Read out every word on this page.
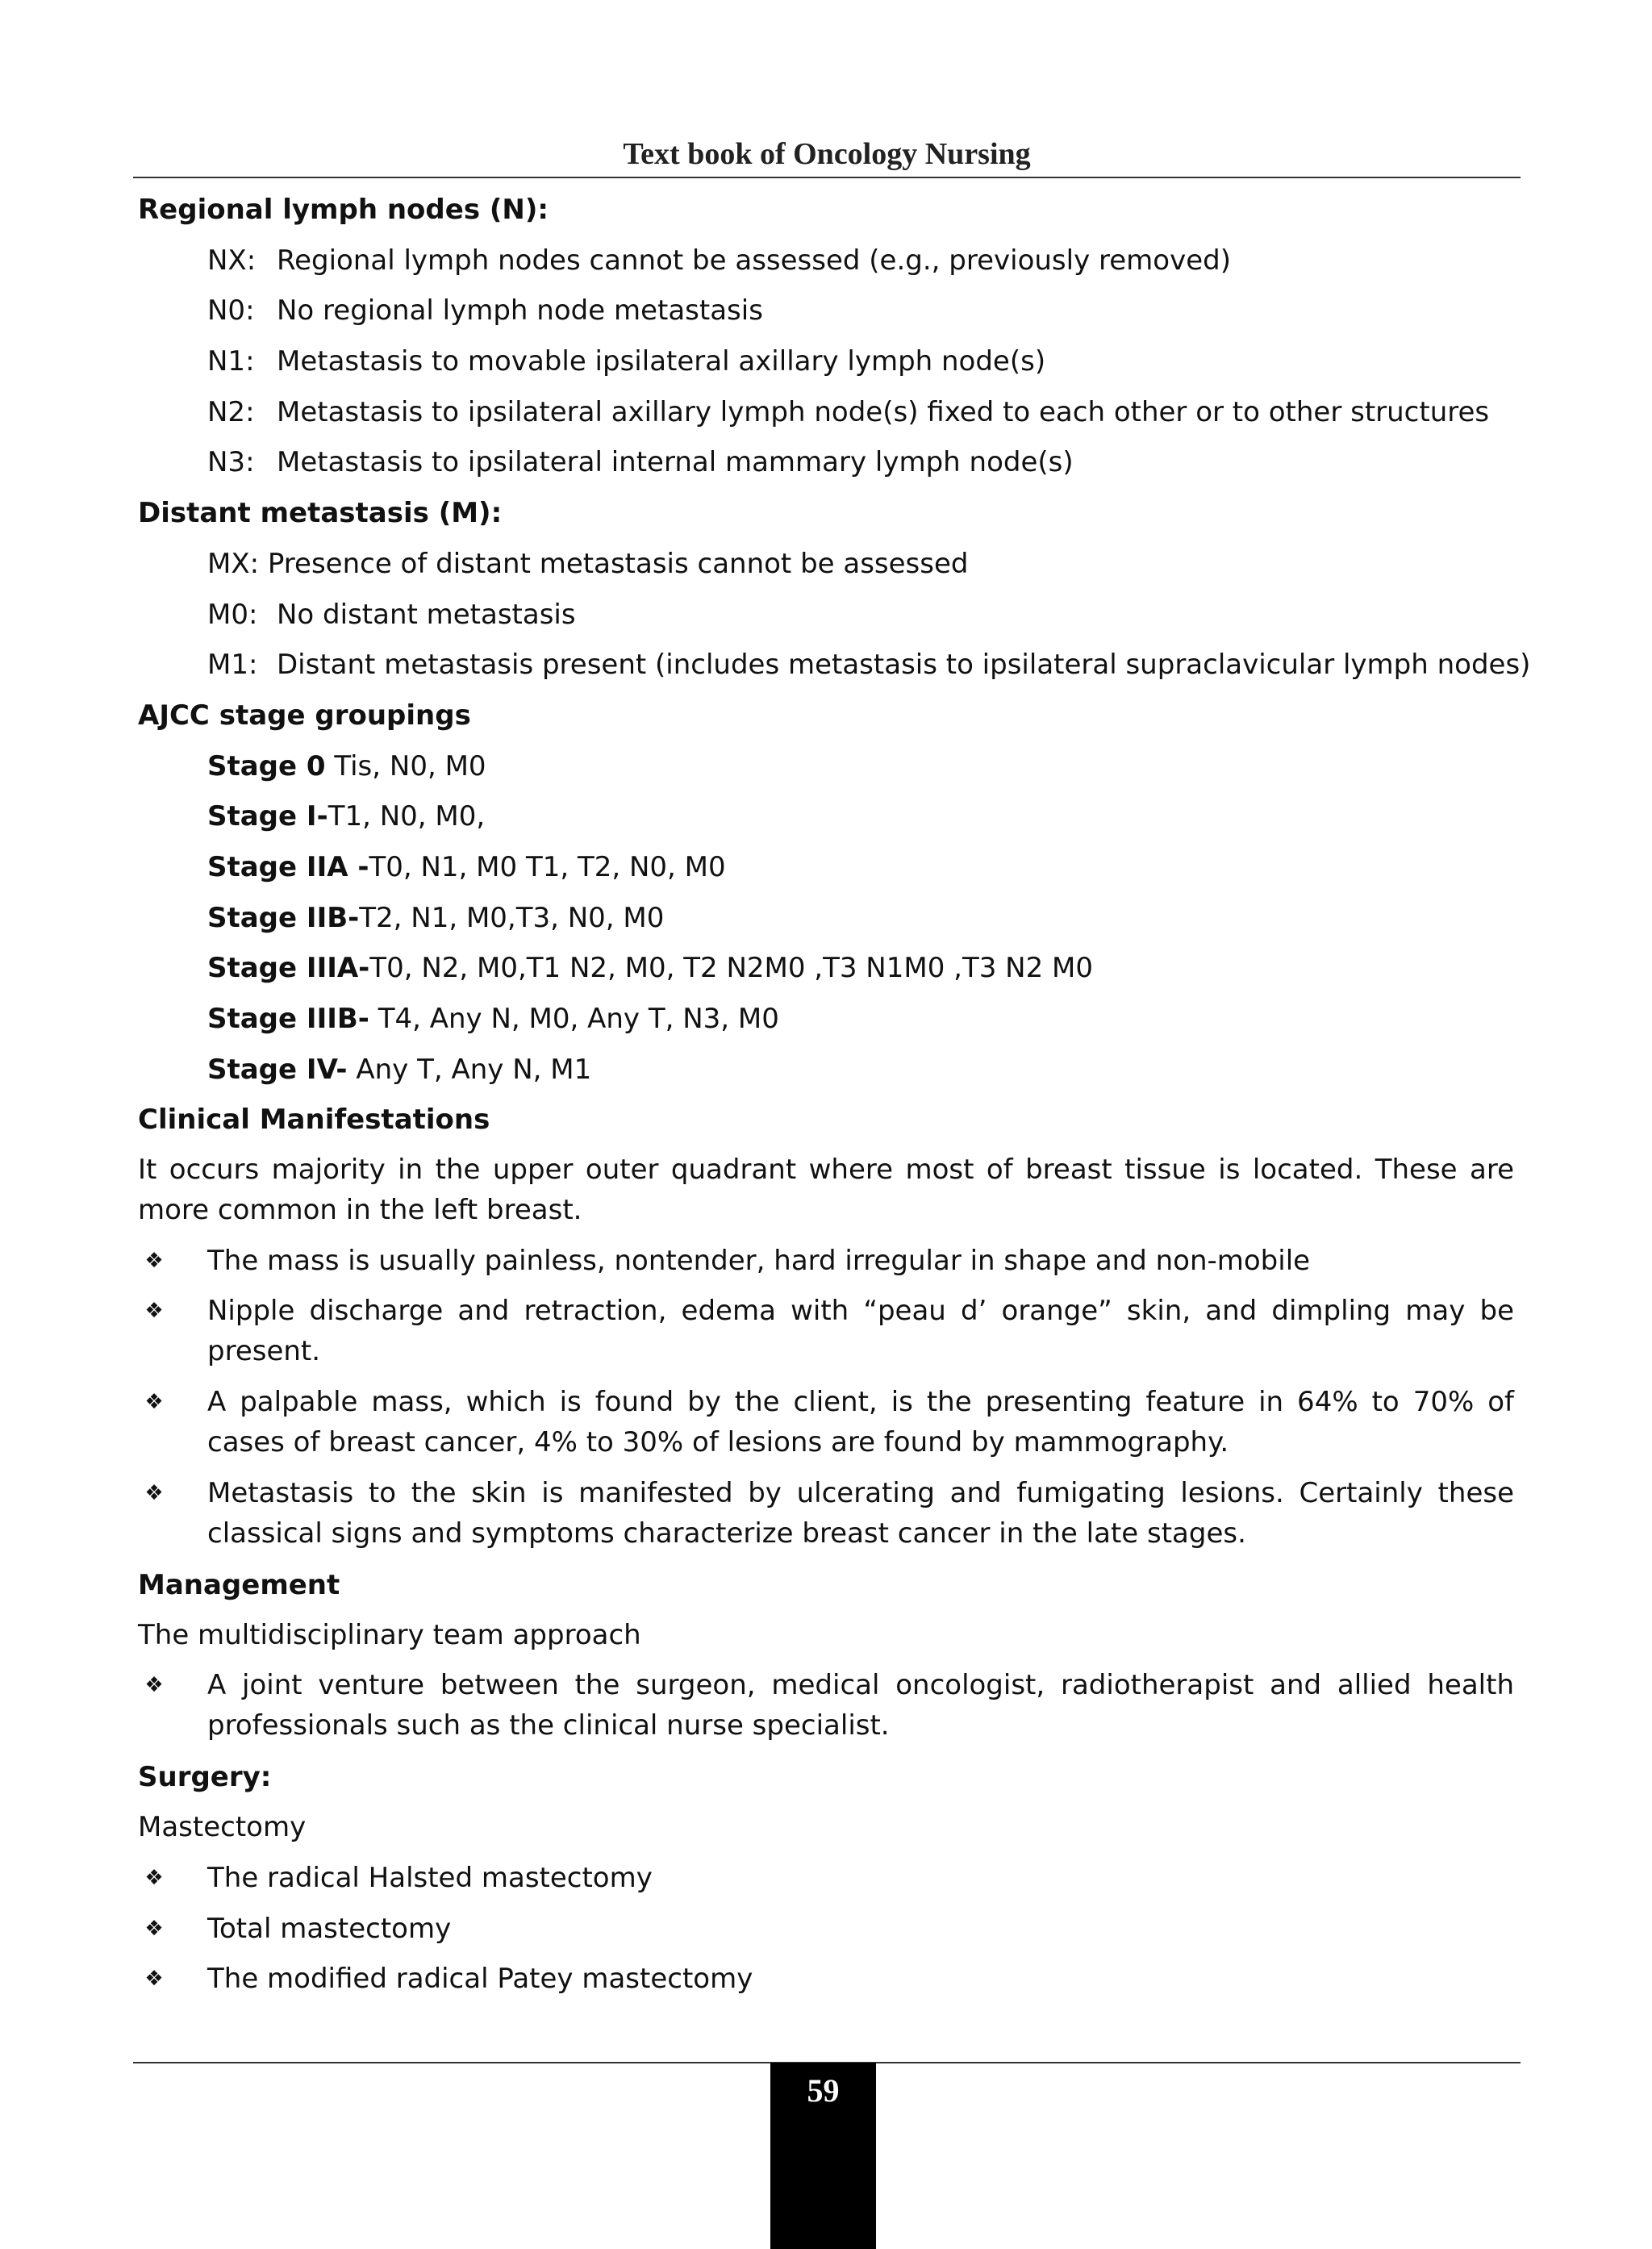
Text book of Oncology Nursing
Regional lymph nodes (N):
NX: Regional lymph nodes cannot be assessed (e.g., previously removed)
N0: No regional lymph node metastasis
N1: Metastasis to movable ipsilateral axillary lymph node(s)
N2: Metastasis to ipsilateral axillary lymph node(s) fixed to each other or to other structures
N3: Metastasis to ipsilateral internal mammary lymph node(s)
Distant metastasis (M):
MX: Presence of distant metastasis cannot be assessed
M0: No distant metastasis
M1: Distant metastasis present (includes metastasis to ipsilateral supraclavicular lymph nodes)
AJCC stage groupings
Stage 0 Tis, N0, M0
Stage I-T1, N0, M0,
Stage IIA -T0, N1, M0 T1, T2, N0, M0
Stage IIB-T2, N1, M0,T3, N0, M0
Stage IIIA-T0, N2, M0,T1 N2, M0, T2 N2M0 ,T3 N1M0 ,T3 N2 M0
Stage IIIB- T4, Any N, M0, Any T, N3, M0
Stage IV- Any T, Any N, M1
Clinical Manifestations
It occurs majority in the upper outer quadrant where most of breast tissue is located. These are more common in the left breast.
❖ The mass is usually painless, nontender, hard irregular in shape and non-mobile
❖ Nipple discharge and retraction, edema with “peau d’ orange” skin, and dimpling may be present.
❖ A palpable mass, which is found by the client, is the presenting feature in 64% to 70% of cases of breast cancer, 4% to 30% of lesions are found by mammography.
❖ Metastasis to the skin is manifested by ulcerating and fumigating lesions. Certainly these classical signs and symptoms characterize breast cancer in the late stages.
Management
The multidisciplinary team approach
❖ A joint venture between the surgeon, medical oncologist, radiotherapist and allied health professionals such as the clinical nurse specialist.
Surgery:
Mastectomy
❖ The radical Halsted mastectomy
❖ Total mastectomy
❖ The modified radical Patey mastectomy
59
